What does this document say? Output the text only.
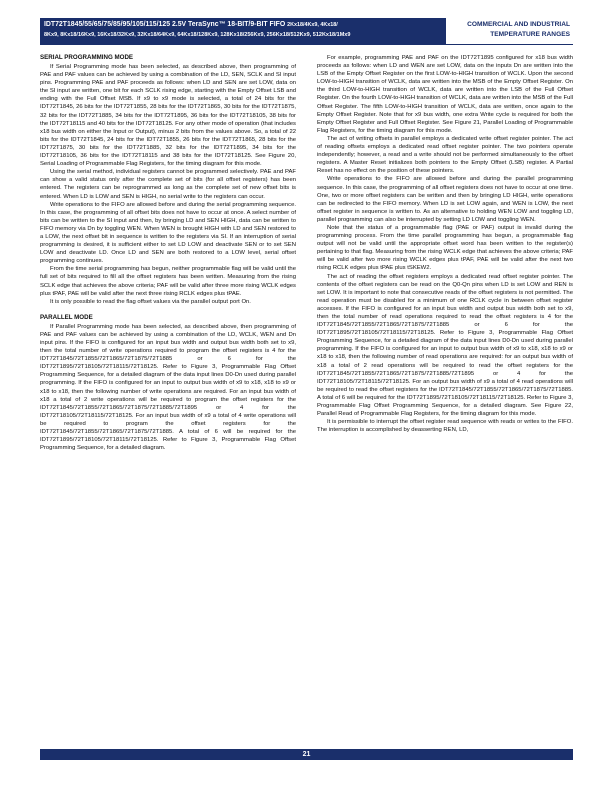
IDT72T1845/55/65/75/85/95/105/115/125 2.5V TeraSync™ 18-BIT/9-BIT FIFO 2Kx18/4Kx9, 4Kx18/
8Kx9, 8Kx18/16Kx9, 16Kx18/32Kx9, 32Kx18/64Kx9, 64Kx18/128Kx9, 128Kx18/256Kx9, 256Kx18/512Kx9, 512Kx18/1Mx9
COMMERCIAL AND INDUSTRIAL
TEMPERATURE RANGES
SERIAL PROGRAMMING MODE

If Serial Programming mode has been selected, as described above, then programming of PAE and PAF values can be achieved by using a combination of the LD, SEN, SCLK and SI input pins. Programming PAE and PAF proceeds as follows: when LD and SEN are set LOW, data on the SI input are written, one bit for each SCLK rising edge, starting with the Empty Offset LSB and ending with the Full Offset MSB. If x9 to x9 mode is selected, a total of 24 bits for the IDT72T1845, 26 bits for the IDT72T1855, 28 bits for the IDT72T1865, 30 bits for the IDT72T1875, 32 bits for the IDT72T1885, 34 bits for the IDT72T1895, 36 bits for the IDT72T18105, 38 bits for the IDT72T18115 and 40 bits for the IDT72T18125. For any other mode of operation (that includes x18 bus width on either the Input or Output), minus 2 bits from the values above. So, a total of 22 bits for the IDT72T1845, 24 bits for the IDT72T1855, 26 bits for the IDT72T1865, 28 bits for the IDT72T1875, 30 bits for the IDT72T1885, 32 bits for the IDT72T1895, 34 bits for the IDT72T18105, 36 bits for the IDT72T18115 and 38 bits for the IDT72T18125. See Figure 20, Serial Loading of Programmable Flag Registers, for the timing diagram for this mode.

Using the serial method, individual registers cannot be programmed selectively. PAE and PAF can show a valid status only after the complete set of bits (for all offset registers) has been entered. The registers can be reprogrammed as long as the complete set of new offset bits is entered. When LD is LOW and SEN is HIGH, no serial write to the registers can occur.

Write operations to the FIFO are allowed before and during the serial programming sequence. In this case, the programming of all offset bits does not have to occur at once. A select number of bits can be written to the SI input and then, by bringing LD and SEN HIGH, data can be written to FIFO memory via Dn by toggling WEN. When WEN is brought HIGH with LD and SEN restored to a LOW, the next offset bit in sequence is written to the registers via SI. If an interruption of serial programming is desired, it is sufficient either to set LD LOW and deactivate SEN or to set SEN LOW and deactivate LD. Once LD and SEN are both restored to a LOW level, serial offset programming continues.

From the time serial programming has begun, neither programmable flag will be valid until the full set of bits required to fill all the offset registers has been written. Measuring from the rising SCLK edge that achieves the above criteria; PAF will be valid after three more rising WCLK edges plus tPAF, PAE will be valid after the next three rising RCLK edges plus tPAE.

It is only possible to read the flag offset values via the parallel output port On.

PARALLEL MODE

If Parallel Programming mode has been selected, as described above, then programming of PAE and PAF values can be achieved by using a combination of the LD, WCLK, WEN and Dn input pins. If the FIFO is configured for an input bus width and output bus width both set to x9, then the total number of write operations required to program the offset registers is 4 for the IDT72T1845/72T1855/72T1865/72T1875/72T1885 or 6 for the IDT72T1895/72T18105/72T18115/72T18125. Refer to Figure 3, Programmable Flag Offset Programming Sequence, for a detailed diagram of the data input lines D0-Dn used during parallel programming. If the FIFO is configured for an input to output bus width of x9 to x18, x18 to x9 or x18 to x18, then the following number of write operations are required. For an input bus width of x18 a total of 2 write operations will be required to program the offset registers for the IDT72T1845/72T1855/72T1865/72T1875/72T1885/72T1895 or 4 for the IDT72T18105/72T18115/72T18125. For an input bus width of x9 a total of 4 write operations will be required to program the offset registers for the IDT72T1845/72T1855/72T1865/72T1875/72T1885. A total of 6 will be required for the IDT72T1895/72T18105/72T18115/72T18125. Refer to Figure 3, Programmable Flag Offset Programming Sequence, for a detailed diagram.

For example, programming PAE and PAF on the IDT72T1895 configured for x18 bus width proceeds as follows: when LD and WEN are set LOW, data on the inputs Dn are written into the LSB of the Empty Offset Register on the first LOW-to-HIGH transition of WCLK. Upon the second LOW-to-HIGH transition of WCLK, data are written into the MSB of the Empty Offset Register. On the third LOW-to-HIGH transition of WCLK, data are written into the LSB of the Full Offset Register. On the fourth LOW-to-HIGH transition of WCLK, data are written into the MSB of the Full Offset Register. The fifth LOW-to-HIGH transition of WCLK, data are written, once again to the Empty Offset Register. Note that for x9 bus width, one extra Write cycle is required for both the Empty Offset Register and Full Offset Register. See Figure 21, Parallel Loading of Programmable Flag Registers, for the timing diagram for this mode.

The act of writing offsets in parallel employs a dedicated write offset register pointer. The act of reading offsets employs a dedicated read offset register pointer. The two pointers operate independently; however, a read and a write should not be performed simultaneously to the offset registers. A Master Reset initializes both pointers to the Empty Offset (LSB) register. A Partial Reset has no effect on the position of these pointers.

Write operations to the FIFO are allowed before and during the parallel programming sequence. In this case, the programming of all offset registers does not have to occur at one time. One, two or more offset registers can be written and then by bringing LD HIGH, write operations can be redirected to the FIFO memory. When LD is set LOW again, and WEN is LOW, the next offset register in sequence is written to. As an alternative to holding WEN LOW and toggling LD, parallel programming can also be interrupted by setting LD LOW and toggling WEN.

Note that the status of a programmable flag (PAE or PAF) output is invalid during the programming process. From the time parallel programming has begun, a programmable flag output will not be valid until the appropriate offset word has been written to the register(s) pertaining to that flag. Measuring from the rising WCLK edge that achieves the above criteria; PAF will be valid after two more rising WCLK edges plus tPAF, PAE will be valid after the next two rising RCLK edges plus tPAE plus tSKEW2.

The act of reading the offset registers employs a dedicated read offset register pointer. The contents of the offset registers can be read on the Q0-Qn pins when LD is set LOW and REN is set LOW. It is important to note that consecutive reads of the offset registers is not permitted. The read operation must be disabled for a minimum of one RCLK cycle in between offset register accesses. If the FIFO is configured for an input bus width and output bus width both set to x9, then the total number of read operations required to read the offset registers is 4 for the IDT72T1845/72T1855/72T1865/72T1875/72T1885 or 6 for the IDT72T1895/72T18105/72T18115/72T18125. Refer to Figure 3, Programmable Flag Offset Programming Sequence, for a detailed diagram of the data input lines D0-Dn used during parallel programming. If the FIFO is configured for an input to output bus width of x9 to x18, x18 to x9 or x18 to x18, then the following number of read operations are required: for an output bus width of x18 a total of 2 read operations will be required to read the offset registers for the IDT72T1845/72T1855/72T1865/72T1875/72T1885/72T1895 or 4 for the IDT72T18105/72T18115/72T18125. For an output bus width of x9 a total of 4 read operations will be required to read the offset registers for the IDT72T1845/72T1855/72T1865/72T1875/72T1885. A total of 6 will be required for the IDT72T1895/72T18105/72T18115/72T18125. Refer to Figure 3, Programmable Flag Offset Programming Sequence, for a detailed diagram. See Figure 22, Parallel Read of Programmable Flag Registers, for the timing diagram for this mode.

It is permissible to interrupt the offset register read sequence with reads or writes to the FIFO. The interruption is accomplished by deasserting REN, LD,

21
